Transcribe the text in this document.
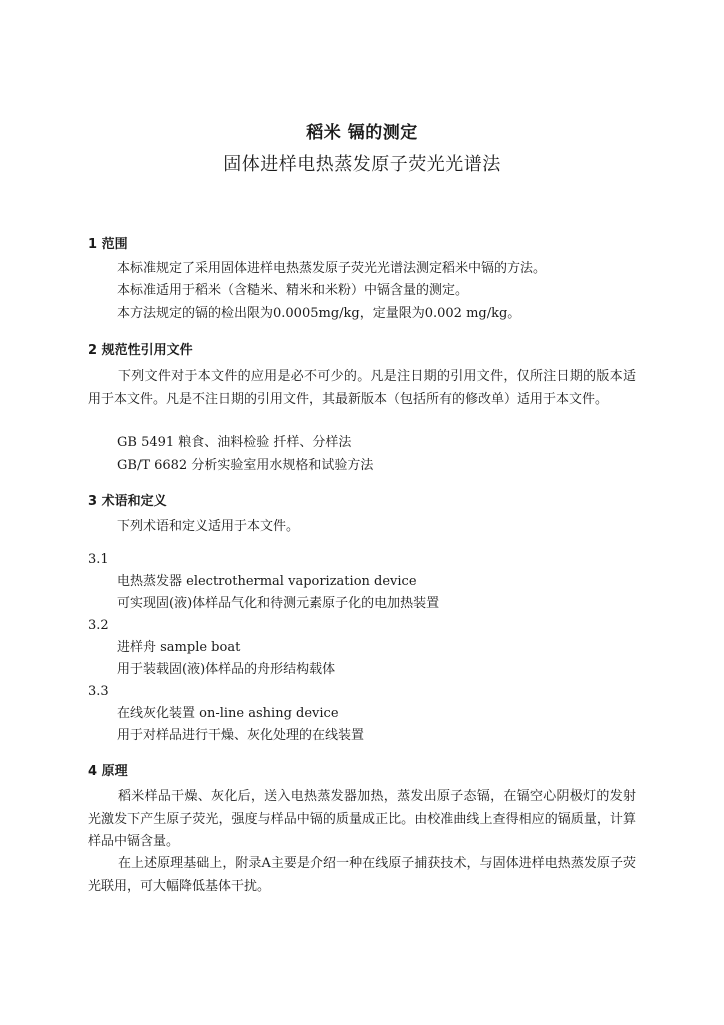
稻米 镉的测定
固体进样电热蒸发原子荧光光谱法
1 范围
本标准规定了采用固体进样电热蒸发原子荧光光谱法测定稻米中镉的方法。
本标准适用于稻米（含糙米、精米和米粉）中镉含量的测定。
本方法规定的镉的检出限为0.0005mg/kg，定量限为0.002 mg/kg。
2 规范性引用文件
下列文件对于本文件的应用是必不可少的。凡是注日期的引用文件，仅所注日期的版本适用于本文件。凡是不注日期的引用文件，其最新版本（包括所有的修改单）适用于本文件。
GB 5491 粮食、油料检验 扦样、分样法
GB/T 6682 分析实验室用水规格和试验方法
3 术语和定义
下列术语和定义适用于本文件。
3.1
电热蒸发器 electrothermal vaporization device
可实现固(液)体样品气化和待测元素原子化的电加热装置
3.2
进样舟 sample boat
用于装载固(液)体样品的舟形结构载体
3.3
在线灰化装置 on-line ashing device
用于对样品进行干燥、灰化处理的在线装置
4 原理
稻米样品干燥、灰化后，送入电热蒸发器加热，蒸发出原子态镉，在镉空心阴极灯的发射光激发下产生原子荧光，强度与样品中镉的质量成正比。由校准曲线上查得相应的镉质量，计算样品中镉含量。
在上述原理基础上，附录A主要是介绍一种在线原子捕获技术，与固体进样电热蒸发原子荧光联用，可大幅降低基体干扰。
